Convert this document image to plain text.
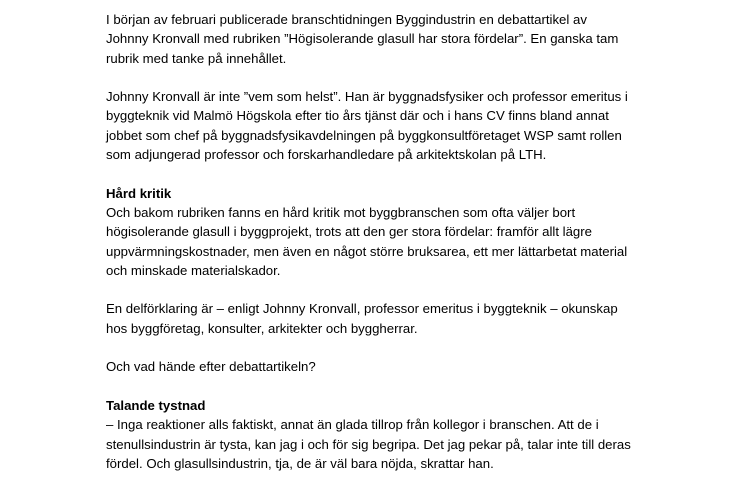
I början av februari publicerade branschtidningen Byggindustrin en debattartikel av
Johnny Kronvall med rubriken ”Högisolerande glasull har stora fördelar”. En ganska tam
rubrik med tanke på innehållet.

Johnny Kronvall är inte ”vem som helst”. Han är byggnadsfysiker och professor emeritus i
byggteknik vid Malmö Högskola efter tio års tjänst där och i hans CV finns bland annat
jobbet som chef på byggnadsfysikavdelningen på byggkonsultföretaget WSP samt rollen
som adjungerad professor och forskarhandledare på arkitektskolan på LTH.

Hård kritik
Och bakom rubriken fanns en hård kritik mot byggbranschen som ofta väljer bort
högisolerande glasull i byggprojekt, trots att den ger stora fördelar: framför allt lägre
uppvärmningskostnader, men även en något större bruksarea, ett mer lättarbetat material
och minskade materialskador.

En delförklaring är – enligt Johnny Kronvall, professor emeritus i byggteknik – okunskap
hos byggföretag, konsulter, arkitekter och byggherrar.

Och vad hände efter debattartikeln?

Talande tystnad
– Inga reaktioner alls faktiskt, annat än glada tillrop från kollegor i branschen. Att de i
stenullsindustrin är tysta, kan jag i och för sig begripa. Det jag pekar på, talar inte till deras
fördel. Och glasullsindustrin, tja, de är väl bara nöjda, skrattar han.
